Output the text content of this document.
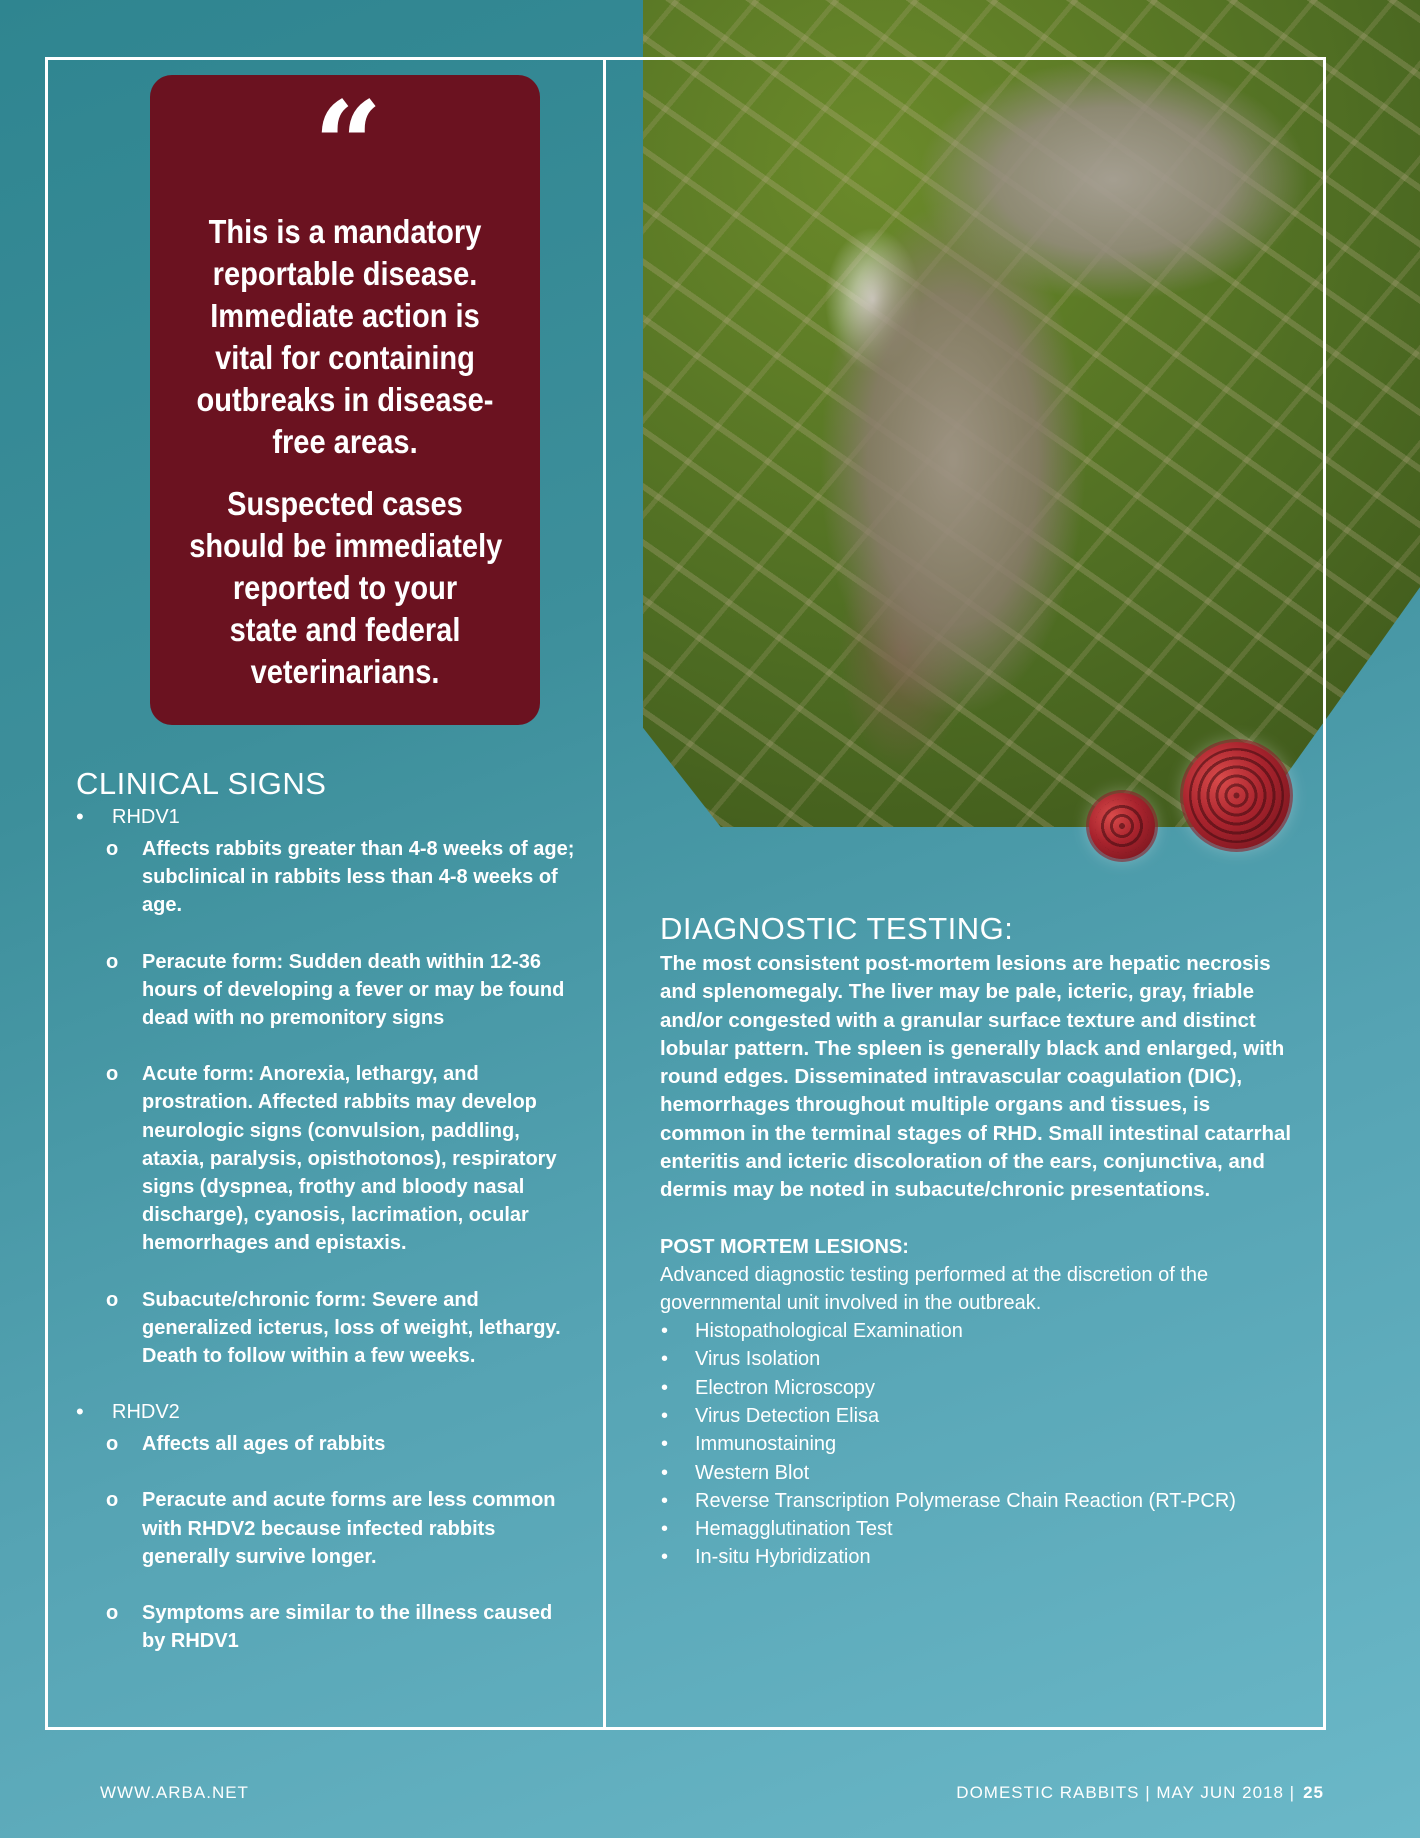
“

This is a mandatory

reportable disease.

Immediate action is

vital for containing

outbreaks in disease-

free areas.

Suspected cases

should be immediately

reported to your

state and federal

veterinarians.

CLINICAL SIGNS
• RHDV1
o Affects rabbits greater than 4-8 weeks of age; subclinical in rabbits less than 4-8 weeks of age.
o Peracute form: Sudden death within 12-36 hours of developing a fever or may be found dead with no premonitory signs
o Acute form: Anorexia, lethargy, and prostration. Affected rabbits may develop neurologic signs (convulsion, paddling, ataxia, paralysis, opisthotonos), respiratory signs (dyspnea, frothy and bloody nasal discharge), cyanosis, lacrimation, ocular hemorrhages and epistaxis.
o Subacute/chronic form: Severe and generalized icterus, loss of weight, lethargy. Death to follow within a few weeks.
• RHDV2
o Affects all ages of rabbits
o Peracute and acute forms are less common with RHDV2 because infected rabbits generally survive longer.
o Symptoms are similar to the illness caused by RHDV1
DIAGNOSTIC TESTING:

The most consistent post-mortem lesions are hepatic necrosis and splenomegaly. The liver may be pale, icteric, gray, friable and/or congested with a granular surface texture and distinct lobular pattern. The spleen is generally black and enlarged, with round edges. Disseminated intravascular coagulation (DIC), hemorrhages throughout multiple organs and tissues, is common in the terminal stages of RHD. Small intestinal catarrhal enteritis and icteric discoloration of the ears, conjunctiva, and dermis may be noted in subacute/chronic presentations.

POST MORTEM LESIONS:

Advanced diagnostic testing performed at the discretion of the governmental unit involved in the outbreak.

• Histopathological Examination
• Virus Isolation
• Electron Microscopy
• Virus Detection Elisa
• Immunostaining
• Western Blot
• Reverse Transcription Polymerase Chain Reaction (RT-PCR)
• Hemagglutination Test
• In-situ Hybridization
WWW.ARBA.NET	DOMESTIC RABBITS | MAY JUN 2018 | 25
